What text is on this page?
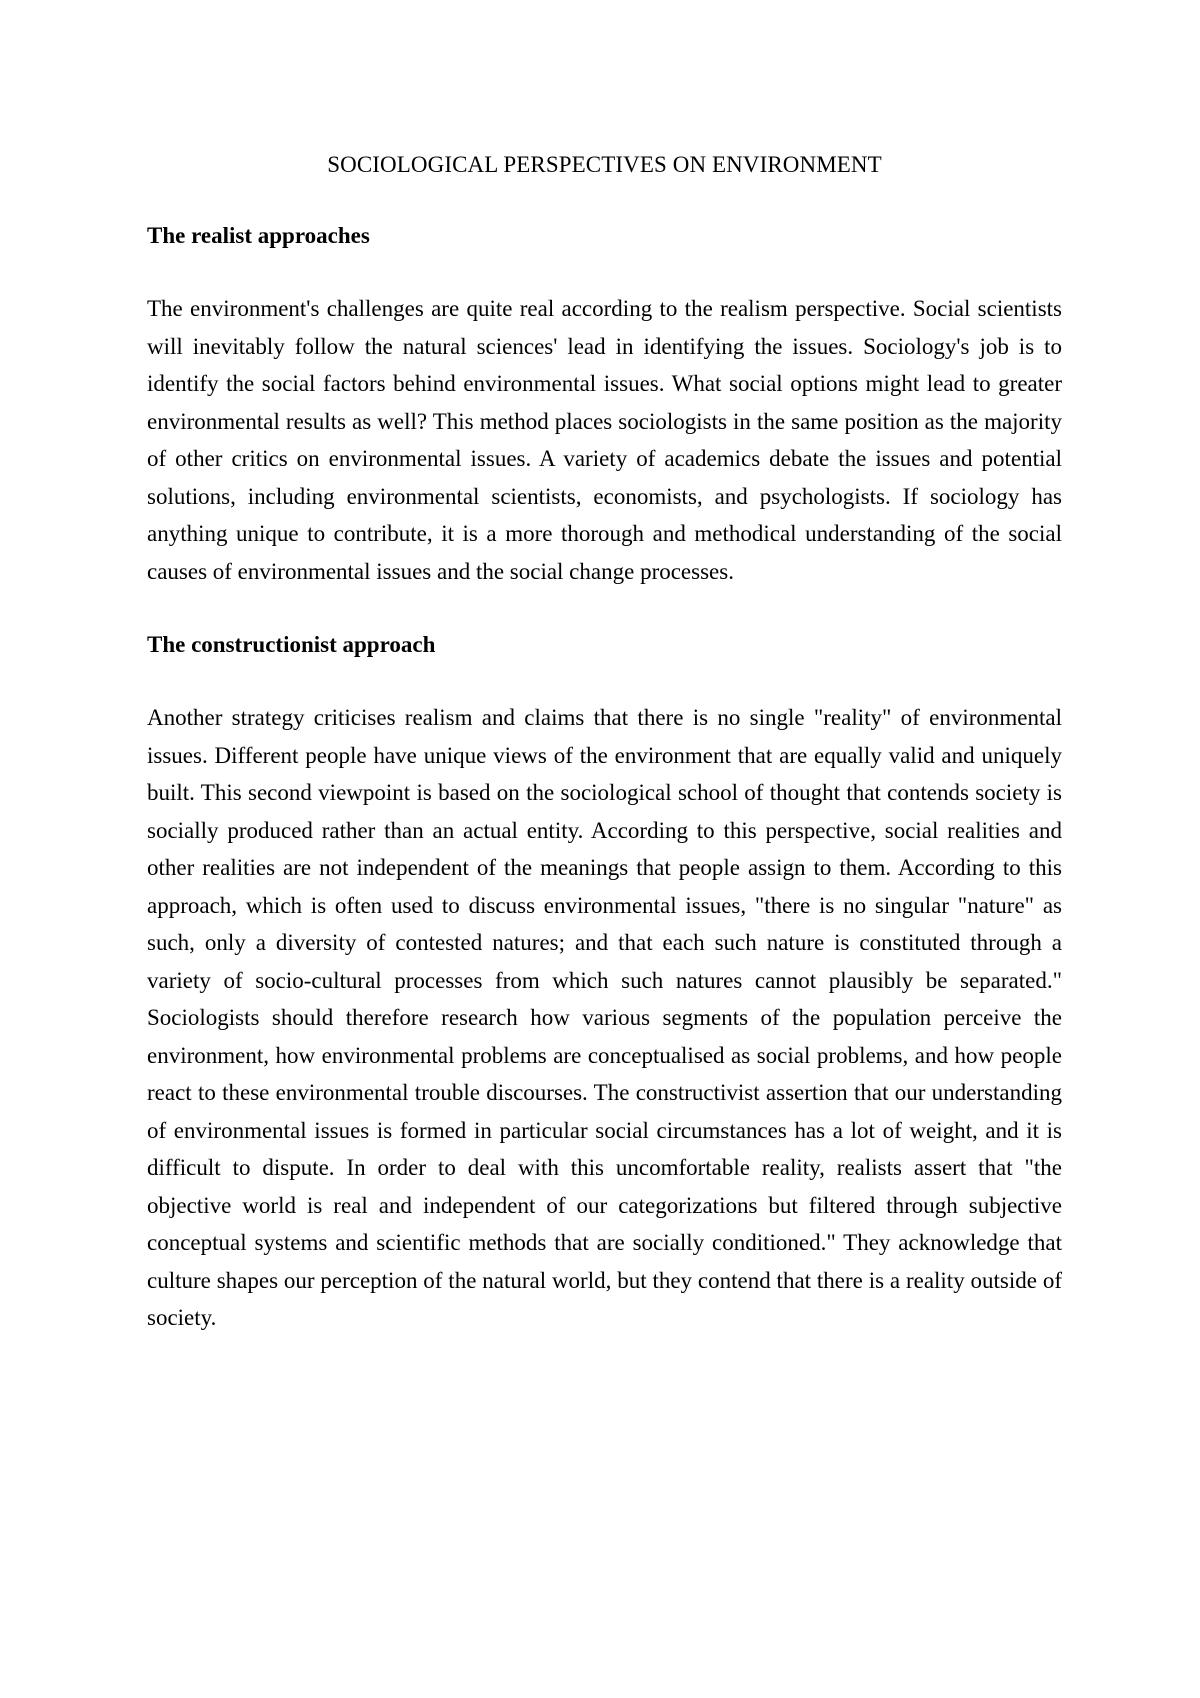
SOCIOLOGICAL PERSPECTIVES ON ENVIRONMENT
The realist approaches

The environment's challenges are quite real according to the realism perspective. Social scientists will inevitably follow the natural sciences' lead in identifying the issues. Sociology's job is to identify the social factors behind environmental issues. What social options might lead to greater environmental results as well? This method places sociologists in the same position as the majority of other critics on environmental issues. A variety of academics debate the issues and potential solutions, including environmental scientists, economists, and psychologists. If sociology has anything unique to contribute, it is a more thorough and methodical understanding of the social causes of environmental issues and the social change processes.

The constructionist approach

Another strategy criticises realism and claims that there is no single "reality" of environmental issues. Different people have unique views of the environment that are equally valid and uniquely built. This second viewpoint is based on the sociological school of thought that contends society is socially produced rather than an actual entity. According to this perspective, social realities and other realities are not independent of the meanings that people assign to them. According to this approach, which is often used to discuss environmental issues, "there is no singular "nature" as such, only a diversity of contested natures; and that each such nature is constituted through a variety of socio-cultural processes from which such natures cannot plausibly be separated." Sociologists should therefore research how various segments of the population perceive the environment, how environmental problems are conceptualised as social problems, and how people react to these environmental trouble discourses. The constructivist assertion that our understanding of environmental issues is formed in particular social circumstances has a lot of weight, and it is difficult to dispute. In order to deal with this uncomfortable reality, realists assert that "the objective world is real and independent of our categorizations but filtered through subjective conceptual systems and scientific methods that are socially conditioned." They acknowledge that culture shapes our perception of the natural world, but they contend that there is a reality outside of society.
